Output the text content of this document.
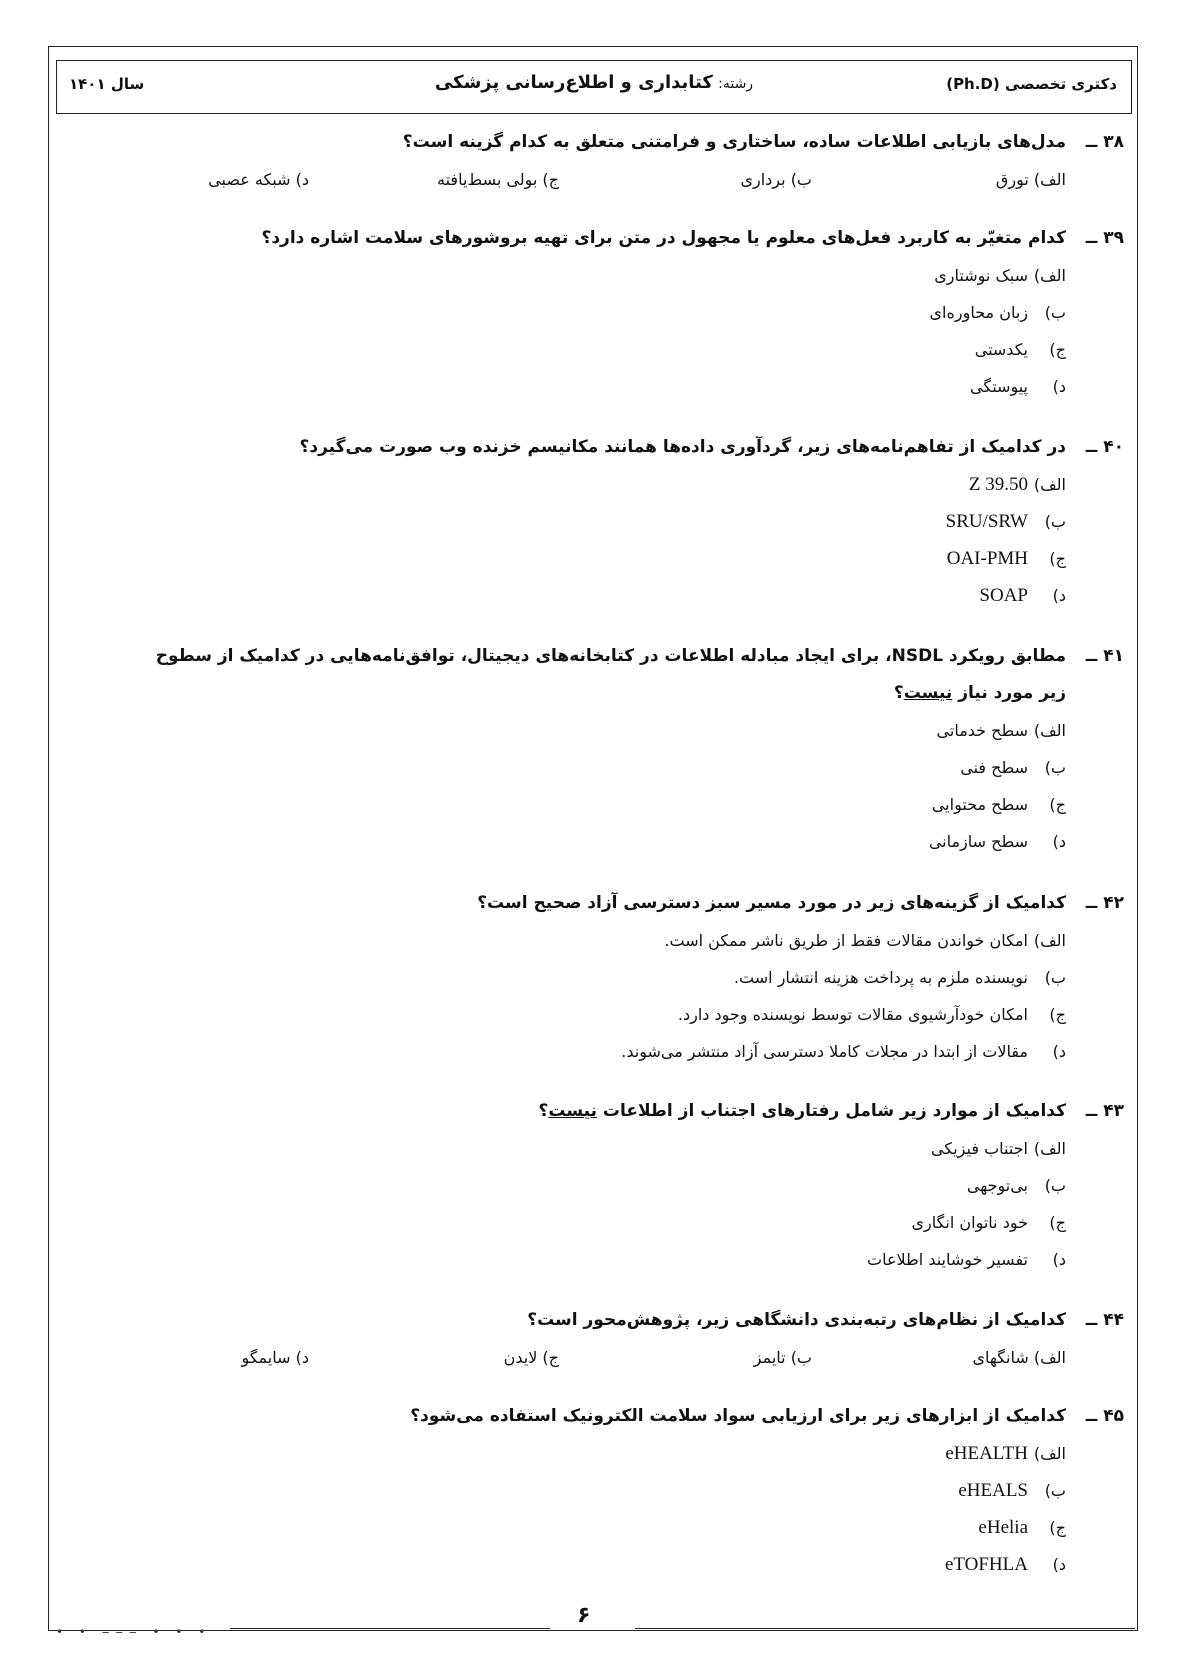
دکتری تخصصی (Ph.D)
رشته: کتابداری و اطلاع‌رسانی پزشکی
سال ۱۴۰۱
۳۸ ــمدل‌های بازیابی اطلاعات ساده، ساختاری و فرامتنی متعلق به کدام گزینه است؟
الف) تورق
ب) برداری
ج) بولی بسط‌یافته
د) شبکه عصبی
۳۹ ــکدام متغیّر به کاربرد فعل‌های معلوم یا مجهول در متن برای تهیه بروشورهای سلامت اشاره دارد؟
الف)سبک نوشتاری
ب)زبان محاوره‌ای
ج)یکدستی
د)پیوستگی
۴۰ ــدر کدامیک از تفاهم‌نامه‌های زیر، گردآوری داده‌ها همانند مکانیسم خزنده وب صورت می‌گیرد؟
الف)Z 39.50
ب)SRU/SRW
ج)OAI-PMH
د)SOAP
۴۱ ــمطابق رویکرد NSDL، برای ایجاد مبادله اطلاعات در کتابخانه‌های دیجیتال، توافق‌نامه‌هایی در کدامیک از سطوح
زیر مورد نیاز نیست؟
الف)سطح خدماتی
ب)سطح فنی
ج)سطح محتوایی
د)سطح سازمانی
۴۲ ــکدامیک از گزینه‌های زیر در مورد مسیر سبز دسترسی آزاد صحیح است؟
الف)امکان خواندن مقالات فقط از طریق ناشر ممکن است.
ب)نویسنده ملزم به پرداخت هزینه انتشار است.
ج)امکان خودآرشیوی مقالات توسط نویسنده وجود دارد.
د)مقالات از ابتدا در مجلات کاملا دسترسی آزاد منتشر می‌شوند.
۴۳ ــکدامیک از موارد زیر شامل رفتارهای اجتناب از اطلاعات نیست؟
الف)اجتناب فیزیکی
ب)بی‌توجهی
ج)خود ناتوان انگاری
د)تفسیر خوشایند اطلاعات
۴۴ ــکدامیک از نظام‌های رتبه‌بندی دانشگاهی زیر، پژوهش‌محور است؟
الف) شانگهای
ب) تایمز
ج) لایدن
د) سایمگو
۴۵ ــکدامیک از ابزارهای زیر برای ارزیابی سواد سلامت الکترونیک استفاده می‌شود؟
الف)eHEALTH
ب)eHEALS
ج)eHelia
د)eTOFHLA
۶
• • ‒‒‒ • • •
